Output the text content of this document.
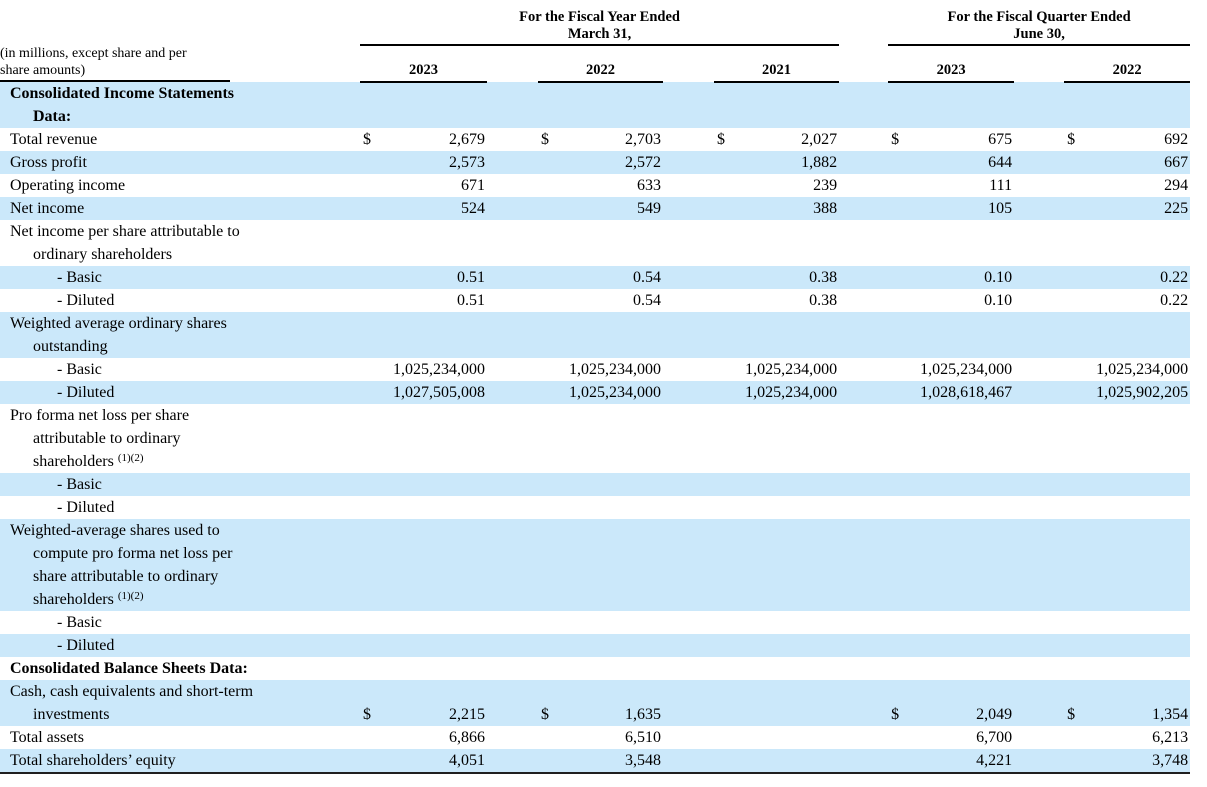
For the Fiscal Year Ended
March 31,

For the Fiscal Quarter Ended
June 30,

(in millions, except share and per
share amounts)	2023		2022		2021		2023		2022

Consolidated Income Statements
Data:									

Total revenue	$ 2,679		$ 2,703		$ 2,027		$ 675		$ 692

Gross profit	2,573		2,572		1,882		644		667

Operating income	671		633		239		111		294

Net income	524		549		388		105		225

Net income per share attributable to
ordinary shareholders									

- Basic	0.51		0.54		0.38		0.10		0.22

- Diluted	0.51		0.54		0.38		0.10		0.22

Weighted average ordinary shares
outstanding									

- Basic	1,025,234,000		1,025,234,000		1,025,234,000		1,025,234,000		1,025,234,000

- Diluted	1,027,505,008		1,025,234,000		1,025,234,000		1,028,618,467		1,025,902,205

Pro forma net loss per share
attributable to ordinary
shareholders $^{(1)(2)}$

- Basic									

- Diluted									

Weighted-average shares used to
compute pro forma net loss per
share attributable to ordinary
shareholders $^{(1)(2)}$

- Basic									

- Diluted									

Consolidated Balance Sheets Data:									

Cash, cash equivalents and short-term
investments	$	2,215		$	1,635				$	2,049		$	1,354

Total assets	6,866		6,510				6,700		6,213

Total shareholders’ equity	4,051		3,548				4,221		3,748
